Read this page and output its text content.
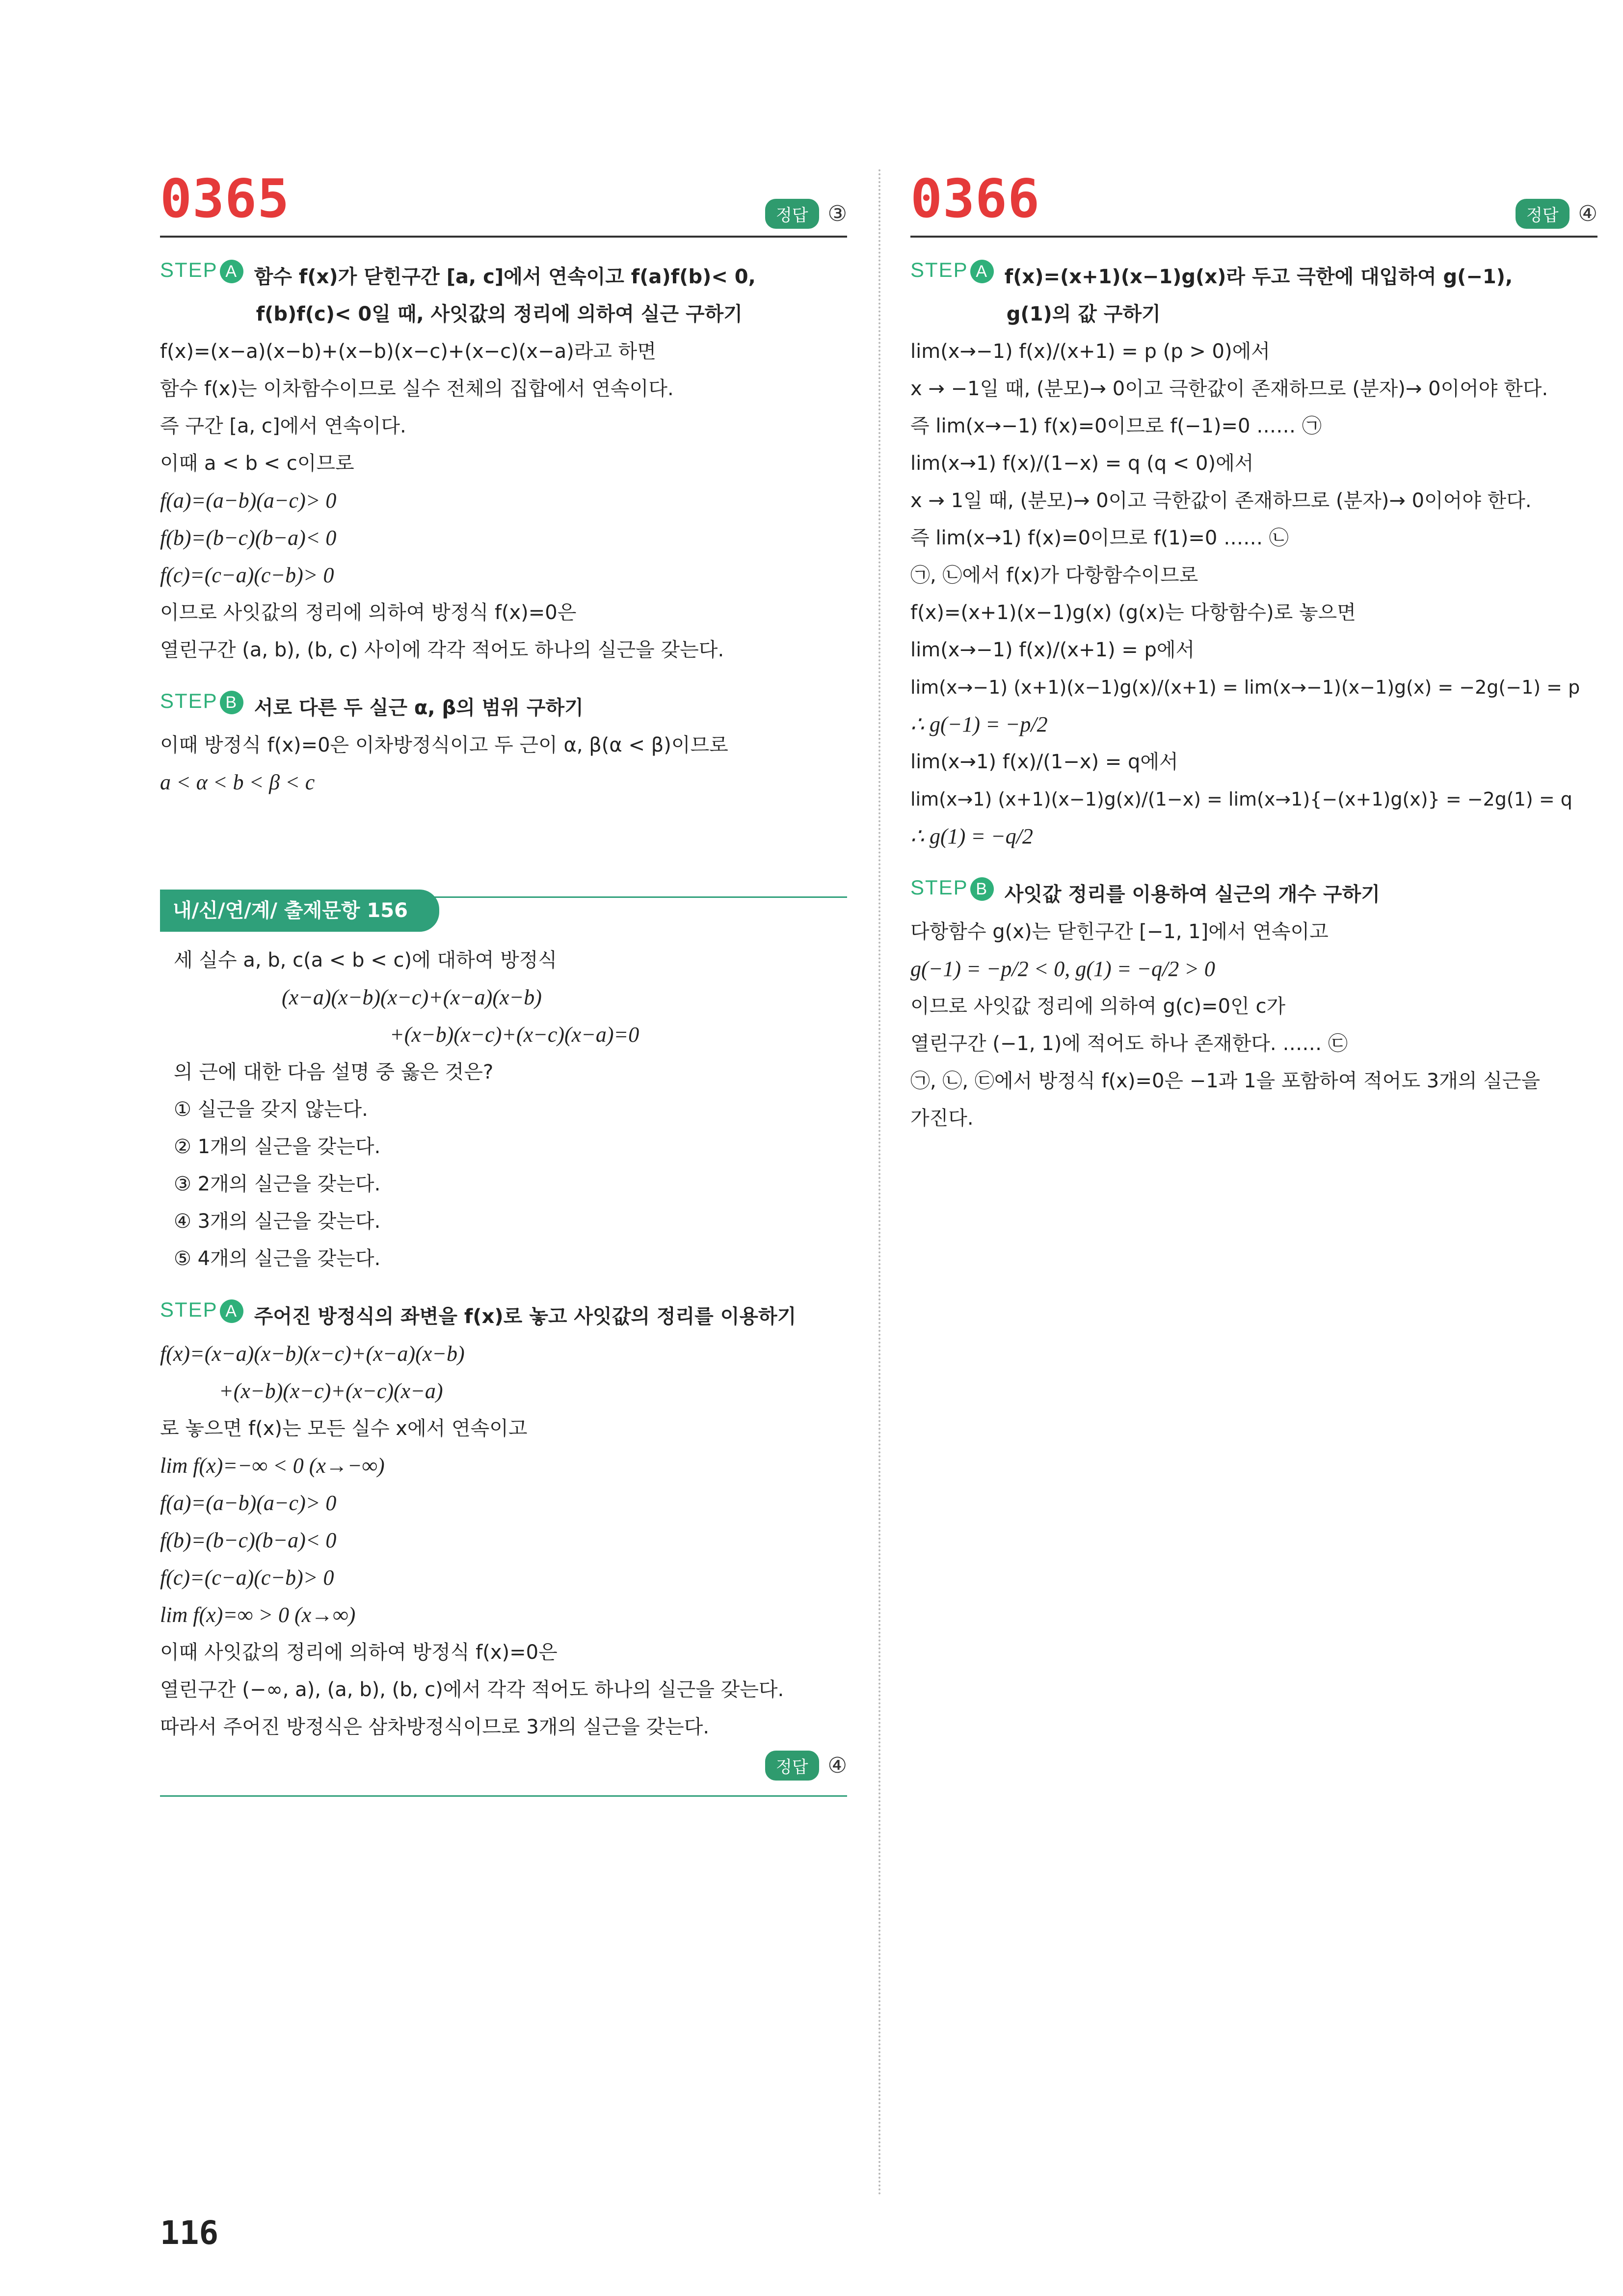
0365	정답 ③
STEP A 함수 f(x)가 닫힌구간 [a, c]에서 연속이고 f(a)f(b)< 0,
f(b)f(c)< 0일 때, 사잇값의 정리에 의하여 실근 구하기
f(x)=(x−a)(x−b)+(x−b)(x−c)+(x−c)(x−a)라고 하면
함수 f(x)는 이차함수이므로 실수 전체의 집합에서 연속이다.
즉 구간 [a, c]에서 연속이다.
이때 a < b < c이므로
f(a)=(a−b)(a−c)> 0
f(b)=(b−c)(b−a)< 0
f(c)=(c−a)(c−b)> 0
이므로 사잇값의 정리에 의하여 방정식 f(x)=0은
열린구간 (a, b), (b, c) 사이에 각각 적어도 하나의 실근을 갖는다.
STEP B 서로 다른 두 실근 α, β의 범위 구하기
이때 방정식 f(x)=0은 이차방정식이고 두 근이 α, β(α < β)이므로
a < α < b < β < c
내/신/연/계/ 출제문항 156
세 실수 a, b, c(a < b < c)에 대하여 방정식
(x−a)(x−b)(x−c)+(x−a)(x−b)
+(x−b)(x−c)+(x−c)(x−a)=0
의 근에 대한 다음 설명 중 옳은 것은?
① 실근을 갖지 않는다.
② 1개의 실근을 갖는다.
③ 2개의 실근을 갖는다.
④ 3개의 실근을 갖는다.
⑤ 4개의 실근을 갖는다.
STEP A 주어진 방정식의 좌변을 f(x)로 놓고 사잇값의 정리를 이용하기
f(x)=(x−a)(x−b)(x−c)+(x−a)(x−b)
+(x−b)(x−c)+(x−c)(x−a)
로 놓으면 f(x)는 모든 실수 x에서 연속이고
lim f(x)=−∞ < 0 (x→−∞)
f(a)=(a−b)(a−c)> 0
f(b)=(b−c)(b−a)< 0
f(c)=(c−a)(c−b)> 0
lim f(x)=∞ > 0 (x→∞)
이때 사잇값의 정리에 의하여 방정식 f(x)=0은
열린구간 (−∞, a), (a, b), (b, c)에서 각각 적어도 하나의 실근을 갖는다.
따라서 주어진 방정식은 삼차방정식이므로 3개의 실근을 갖는다.
정답 ④
0366	정답 ④
STEP A f(x)=(x+1)(x−1)g(x)라 두고 극한에 대입하여 g(−1),
g(1)의 값 구하기
lim(x→−1) f(x)/(x+1) = p (p > 0)에서
x → −1일 때, (분모)→ 0이고 극한값이 존재하므로 (분자)→ 0이어야 한다.
즉 lim(x→−1) f(x)=0이므로 f(−1)=0 …… ㉠
lim(x→1) f(x)/(1−x) = q (q < 0)에서
x → 1일 때, (분모)→ 0이고 극한값이 존재하므로 (분자)→ 0이어야 한다.
즉 lim(x→1) f(x)=0이므로 f(1)=0 …… ㉡
㉠, ㉡에서 f(x)가 다항함수이므로
f(x)=(x+1)(x−1)g(x) (g(x)는 다항함수)로 놓으면
lim(x→−1) f(x)/(x+1) = p에서
lim(x→−1) (x+1)(x−1)g(x)/(x+1) = lim(x→−1)(x−1)g(x) = −2g(−1) = p
∴ g(−1) = −p/2
lim(x→1) f(x)/(1−x) = q에서
lim(x→1) (x+1)(x−1)g(x)/(1−x) = lim(x→1){−(x+1)g(x)} = −2g(1) = q
∴ g(1) = −q/2
STEP B 사잇값 정리를 이용하여 실근의 개수 구하기
다항함수 g(x)는 닫힌구간 [−1, 1]에서 연속이고
g(−1) = −p/2 < 0, g(1) = −q/2 > 0
이므로 사잇값 정리에 의하여 g(c)=0인 c가
열린구간 (−1, 1)에 적어도 하나 존재한다. …… ㉢
㉠, ㉡, ㉢에서 방정식 f(x)=0은 −1과 1을 포함하여 적어도 3개의 실근을
가진다.
116
